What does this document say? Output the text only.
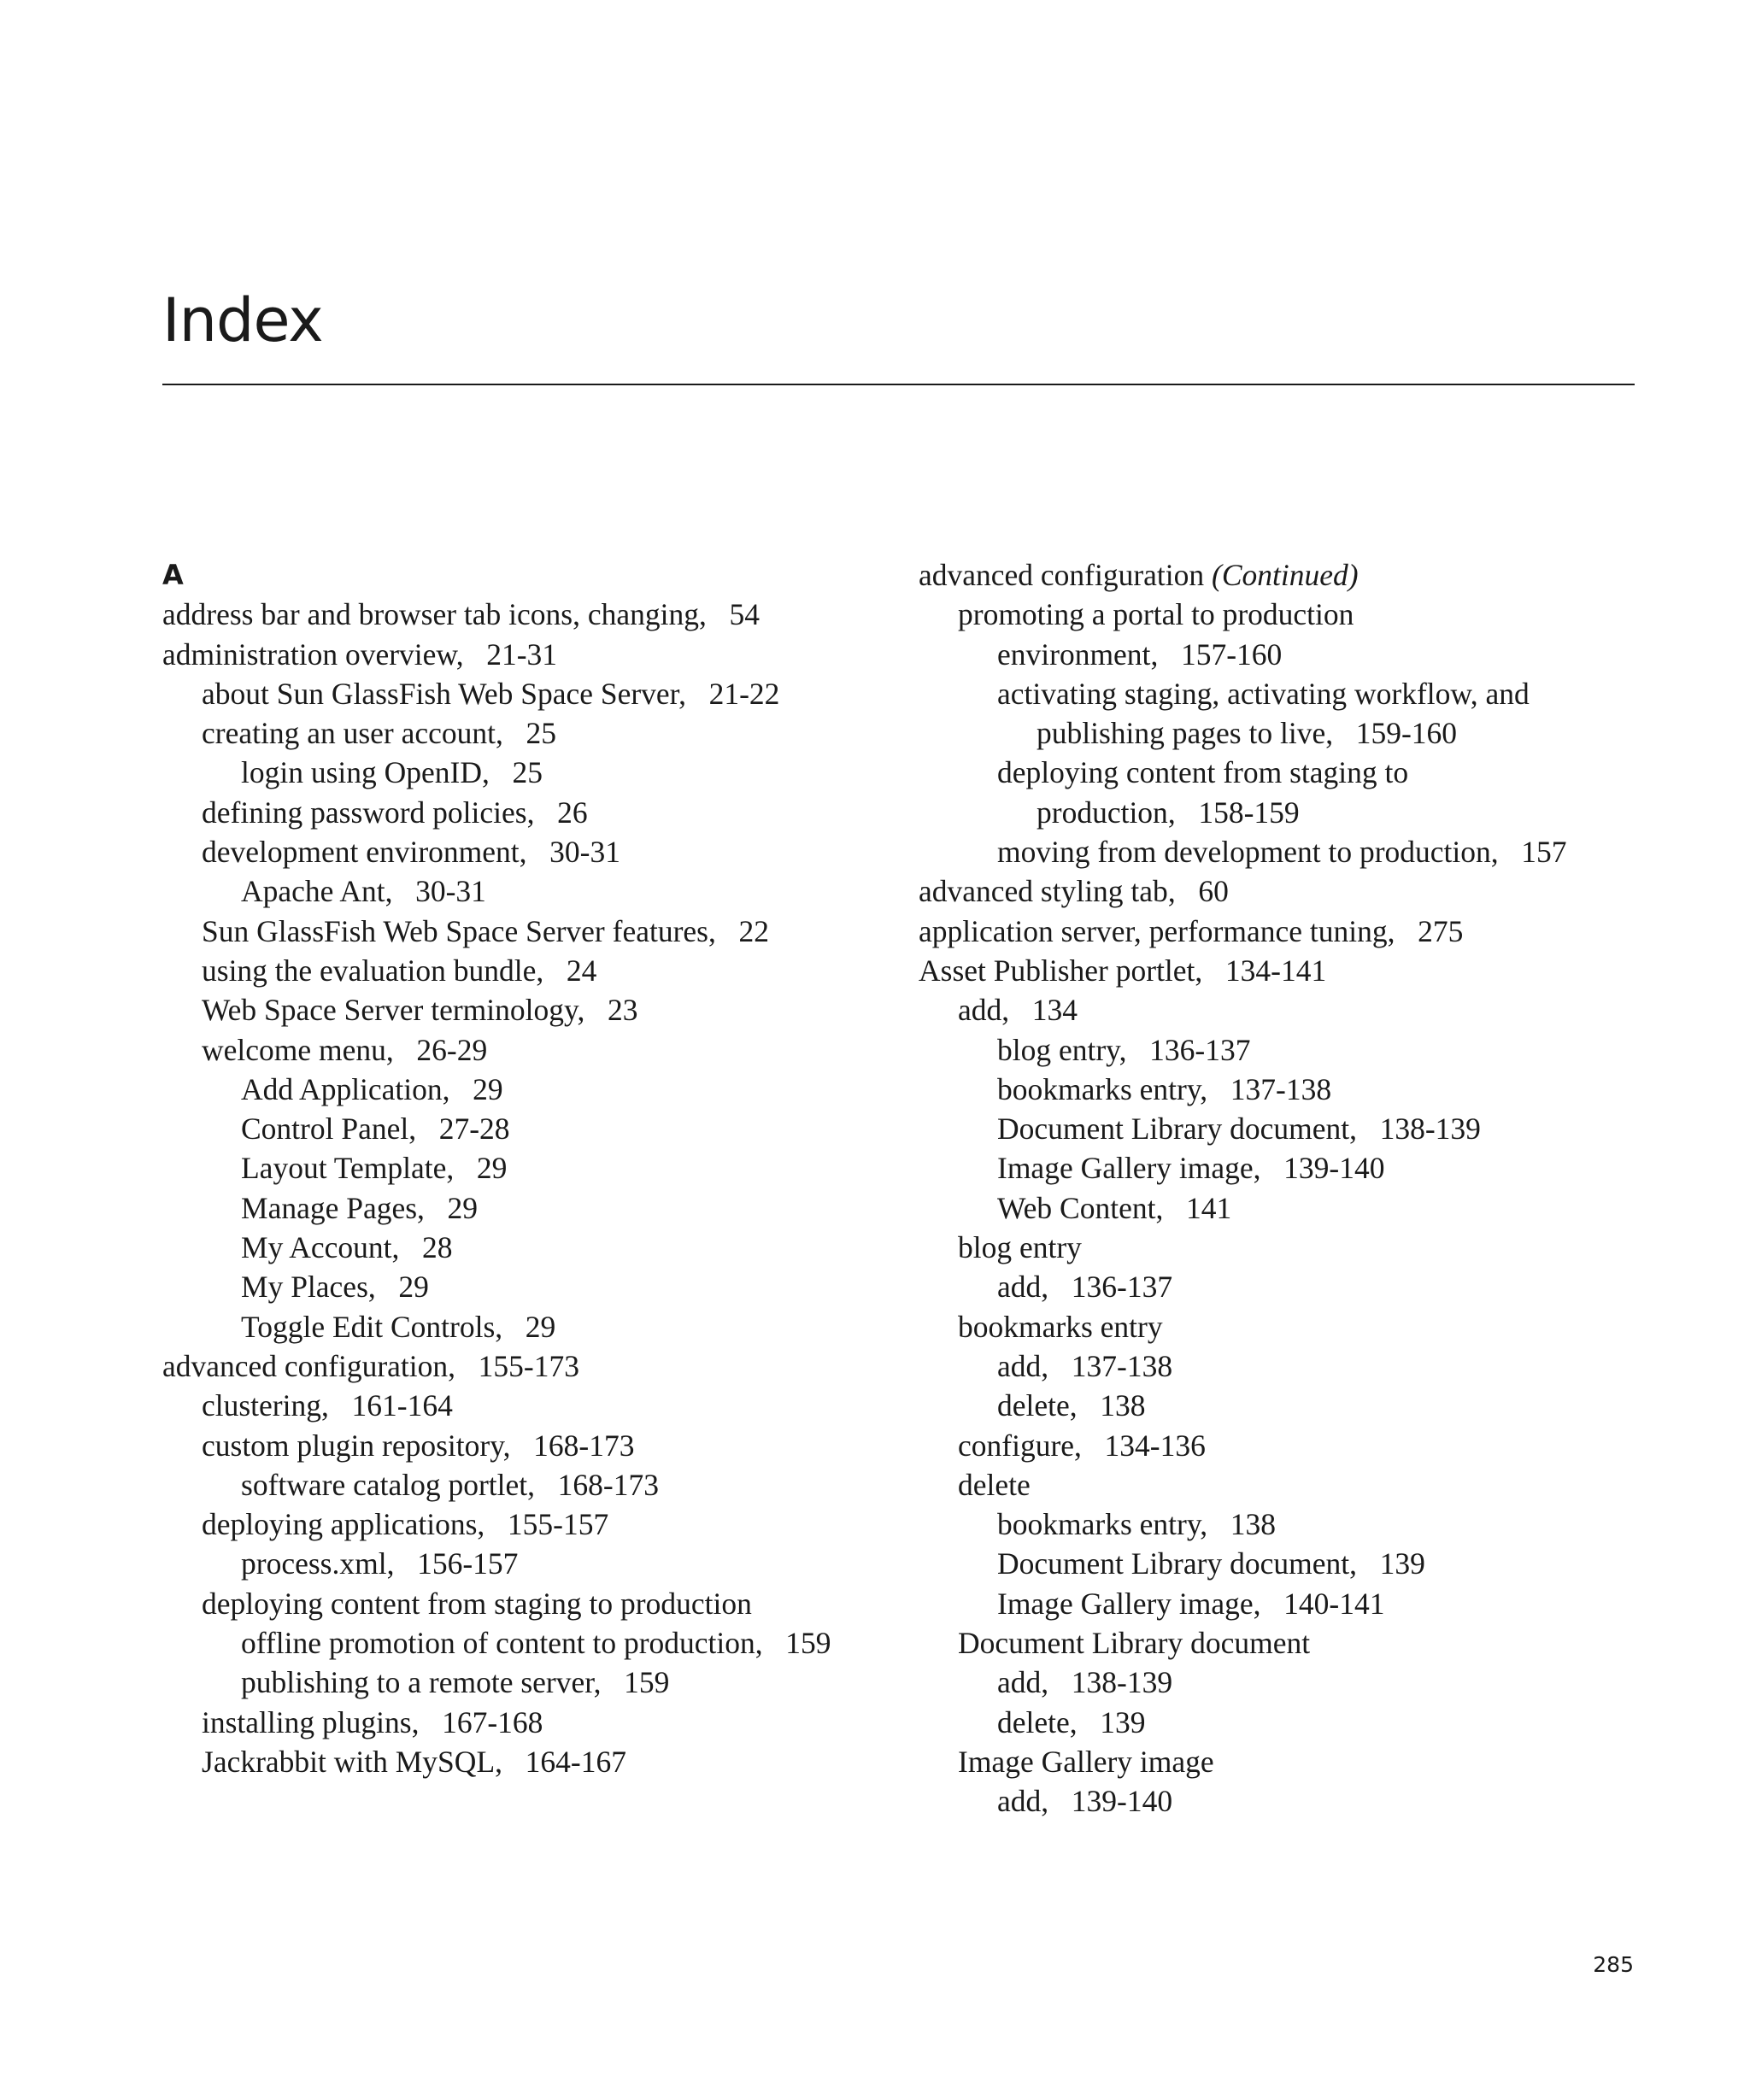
Index
A
address bar and browser tab icons, changing ,   54
administration overview ,   21-31
about Sun GlassFish Web Space Server ,   21-22
creating an user account ,   25
login using OpenID ,   25
defining password policies ,   26
development environment ,   30-31
Apache Ant ,   30-31
Sun GlassFish Web Space Server features ,   22
using the evaluation bundle ,   24
Web Space Server terminology ,   23
welcome menu ,   26-29
Add Application ,   29
Control Panel ,   27-28
Layout Template ,   29
Manage Pages ,   29
My Account ,   28
My Places ,   29
Toggle Edit Controls ,   29
advanced configuration ,   155-173
clustering ,   161-164
custom plugin repository ,   168-173
software catalog portlet ,   168-173
deploying applications ,   155-157
process.xml ,   156-157
deploying content from staging to production
offline promotion of content to production ,   159
publishing to a remote server ,   159
installing plugins ,   167-168
Jackrabbit with MySQL ,   164-167
advanced configuration (Continued)
promoting a portal to production
environment ,   157-160
activating staging, activating workflow, and
publishing pages to live ,   159-160
deploying content from staging to
production ,   158-159
moving from development to production ,   157
advanced styling tab ,   60
application server, performance tuning ,   275
Asset Publisher portlet ,   134-141
add ,   134
blog entry ,   136-137
bookmarks entry ,   137-138
Document Library document ,   138-139
Image Gallery image ,   139-140
Web Content ,   141
blog entry
add ,   136-137
bookmarks entry
add ,   137-138
delete ,   138
configure ,   134-136
delete
bookmarks entry ,   138
Document Library document ,   139
Image Gallery image ,   140-141
Document Library document
add ,   138-139
delete ,   139
Image Gallery image
add ,   139-140
285
